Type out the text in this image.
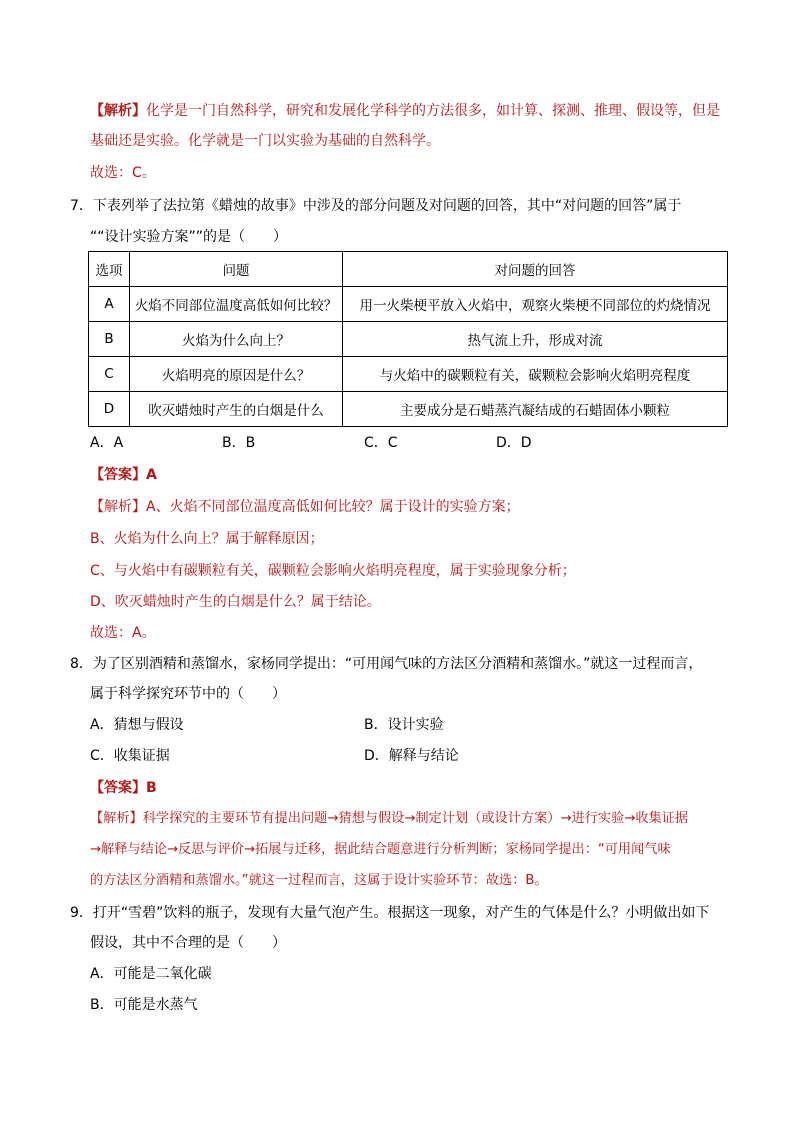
【解析】化学是一门自然科学，研究和发展化学科学的方法很多，如计算、探测、推理、假设等，但是
基础还是实验。化学就是一门以实验为基础的自然科学。
故选：C。
7．下表列举了法拉第《蜡烛的故事》中涉及的部分问题及对问题的回答，其中“对问题的回答”属于
““设计实验方案””的是（　　）
选项	问题	对问题的回答
A	火焰不同部位温度高低如何比较？	用一火柴梗平放入火焰中，观察火柴梗不同部位的灼烧情况
B	火焰为什么向上？	热气流上升，形成对流
C	火焰明亮的原因是什么？	与火焰中的碳颗粒有关，碳颗粒会影响火焰明亮程度
D	吹灭蜡烛时产生的白烟是什么	主要成分是石蜡蒸汽凝结成的石蜡固体小颗粒
A．A	B．B	C．C	D．D
【答案】A
【解析】A、火焰不同部位温度高低如何比较？属于设计的实验方案；
B、火焰为什么向上？属于解释原因；
C、与火焰中有碳颗粒有关，碳颗粒会影响火焰明亮程度，属于实验现象分析；
D、吹灭蜡烛时产生的白烟是什么？属于结论。
故选：A。
8．为了区别酒精和蒸馏水，家杨同学提出：“可用闻气味的方法区分酒精和蒸馏水。”就这一过程而言，
属于科学探究环节中的（　　）
A．猜想与假设	B．设计实验
C．收集证据	D．解释与结论
【答案】B
【解析】科学探究的主要环节有提出问题→猜想与假设→制定计划（或设计方案）→进行实验→收集证据
→解释与结论→反思与评价→拓展与迁移，据此结合题意进行分析判断；家杨同学提出：“可用闻气味
的方法区分酒精和蒸馏水。”就这一过程而言，这属于设计实验环节：故选：B。
9．打开“雪碧”饮料的瓶子，发现有大量气泡产生。根据这一现象，对产生的气体是什么？小明做出如下
假设，其中不合理的是（　　）
A．可能是二氧化碳
B．可能是水蒸气
